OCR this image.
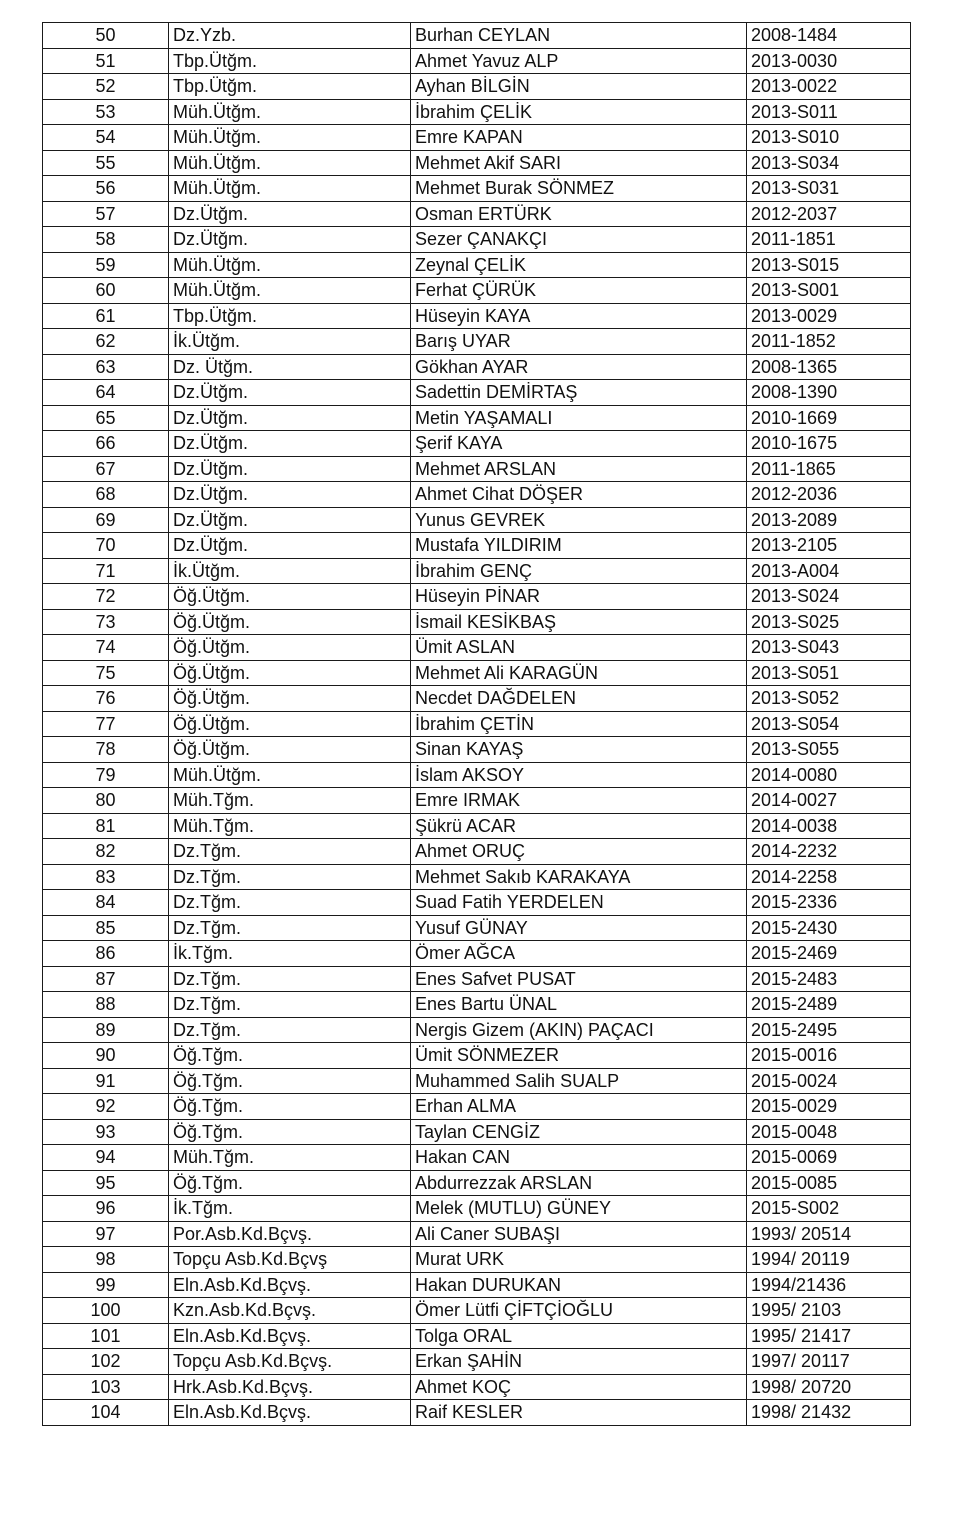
50	Dz.Yzb.	Burhan CEYLAN	2008-1484
51	Tbp.Ütğm.	Ahmet Yavuz ALP	2013-0030
52	Tbp.Ütğm.	Ayhan BİLGİN	2013-0022
53	Müh.Ütğm.	İbrahim ÇELİK	2013-S011
54	Müh.Ütğm.	Emre KAPAN	2013-S010
55	Müh.Ütğm.	Mehmet Akif SARI	2013-S034
56	Müh.Ütğm.	Mehmet Burak SÖNMEZ	2013-S031
57	Dz.Ütğm.	Osman ERTÜRK	2012-2037
58	Dz.Ütğm.	Sezer ÇANAKÇI	2011-1851
59	Müh.Ütğm.	Zeynal ÇELİK	2013-S015
60	Müh.Ütğm.	Ferhat ÇÜRÜK	2013-S001
61	Tbp.Ütğm.	Hüseyin KAYA	2013-0029
62	İk.Ütğm.	Barış UYAR	2011-1852
63	Dz. Ütğm.	Gökhan AYAR	2008-1365
64	Dz.Ütğm.	Sadettin DEMİRTAŞ	2008-1390
65	Dz.Ütğm.	Metin YAŞAMALI	2010-1669
66	Dz.Ütğm.	Şerif KAYA	2010-1675
67	Dz.Ütğm.	Mehmet ARSLAN	2011-1865
68	Dz.Ütğm.	Ahmet Cihat DÖŞER	2012-2036
69	Dz.Ütğm.	Yunus GEVREK	2013-2089
70	Dz.Ütğm.	Mustafa YILDIRIM	2013-2105
71	İk.Ütğm.	İbrahim GENÇ	2013-A004
72	Öğ.Ütğm.	Hüseyin PİNAR	2013-S024
73	Öğ.Ütğm.	İsmail KESİKBAŞ	2013-S025
74	Öğ.Ütğm.	Ümit ASLAN	2013-S043
75	Öğ.Ütğm.	Mehmet Ali KARAGÜN	2013-S051
76	Öğ.Ütğm.	Necdet DAĞDELEN	2013-S052
77	Öğ.Ütğm.	İbrahim ÇETİN	2013-S054
78	Öğ.Ütğm.	Sinan KAYAŞ	2013-S055
79	Müh.Ütğm.	İslam AKSOY	2014-0080
80	Müh.Tğm.	Emre IRMAK	2014-0027
81	Müh.Tğm.	Şükrü ACAR	2014-0038
82	Dz.Tğm.	Ahmet ORUÇ	2014-2232
83	Dz.Tğm.	Mehmet Sakıb KARAKAYA	2014-2258
84	Dz.Tğm.	Suad Fatih YERDELEN	2015-2336
85	Dz.Tğm.	Yusuf GÜNAY	2015-2430
86	İk.Tğm.	Ömer AĞCA	2015-2469
87	Dz.Tğm.	Enes Safvet PUSAT	2015-2483
88	Dz.Tğm.	Enes Bartu ÜNAL	2015-2489
89	Dz.Tğm.	Nergis Gizem (AKIN) PAÇACI	2015-2495
90	Öğ.Tğm.	Ümit SÖNMEZER	2015-0016
91	Öğ.Tğm.	Muhammed Salih SUALP	2015-0024
92	Öğ.Tğm.	Erhan ALMA	2015-0029
93	Öğ.Tğm.	Taylan CENGİZ	2015-0048
94	Müh.Tğm.	Hakan CAN	2015-0069
95	Öğ.Tğm.	Abdurrezzak ARSLAN	2015-0085
96	İk.Tğm.	Melek (MUTLU) GÜNEY	2015-S002
97	Por.Asb.Kd.Bçvş.	Ali Caner SUBAŞI	1993/ 20514
98	Topçu Asb.Kd.Bçvş	Murat URK	1994/ 20119
99	Eln.Asb.Kd.Bçvş.	Hakan DURUKAN	1994/21436
100	Kzn.Asb.Kd.Bçvş.	Ömer Lütfi ÇİFTÇİOĞLU	1995/ 2103
101	Eln.Asb.Kd.Bçvş.	Tolga ORAL	1995/ 21417
102	Topçu Asb.Kd.Bçvş.	Erkan ŞAHİN	1997/ 20117
103	Hrk.Asb.Kd.Bçvş.	Ahmet KOÇ	1998/ 20720
104	Eln.Asb.Kd.Bçvş.	Raif KESLER	1998/ 21432
